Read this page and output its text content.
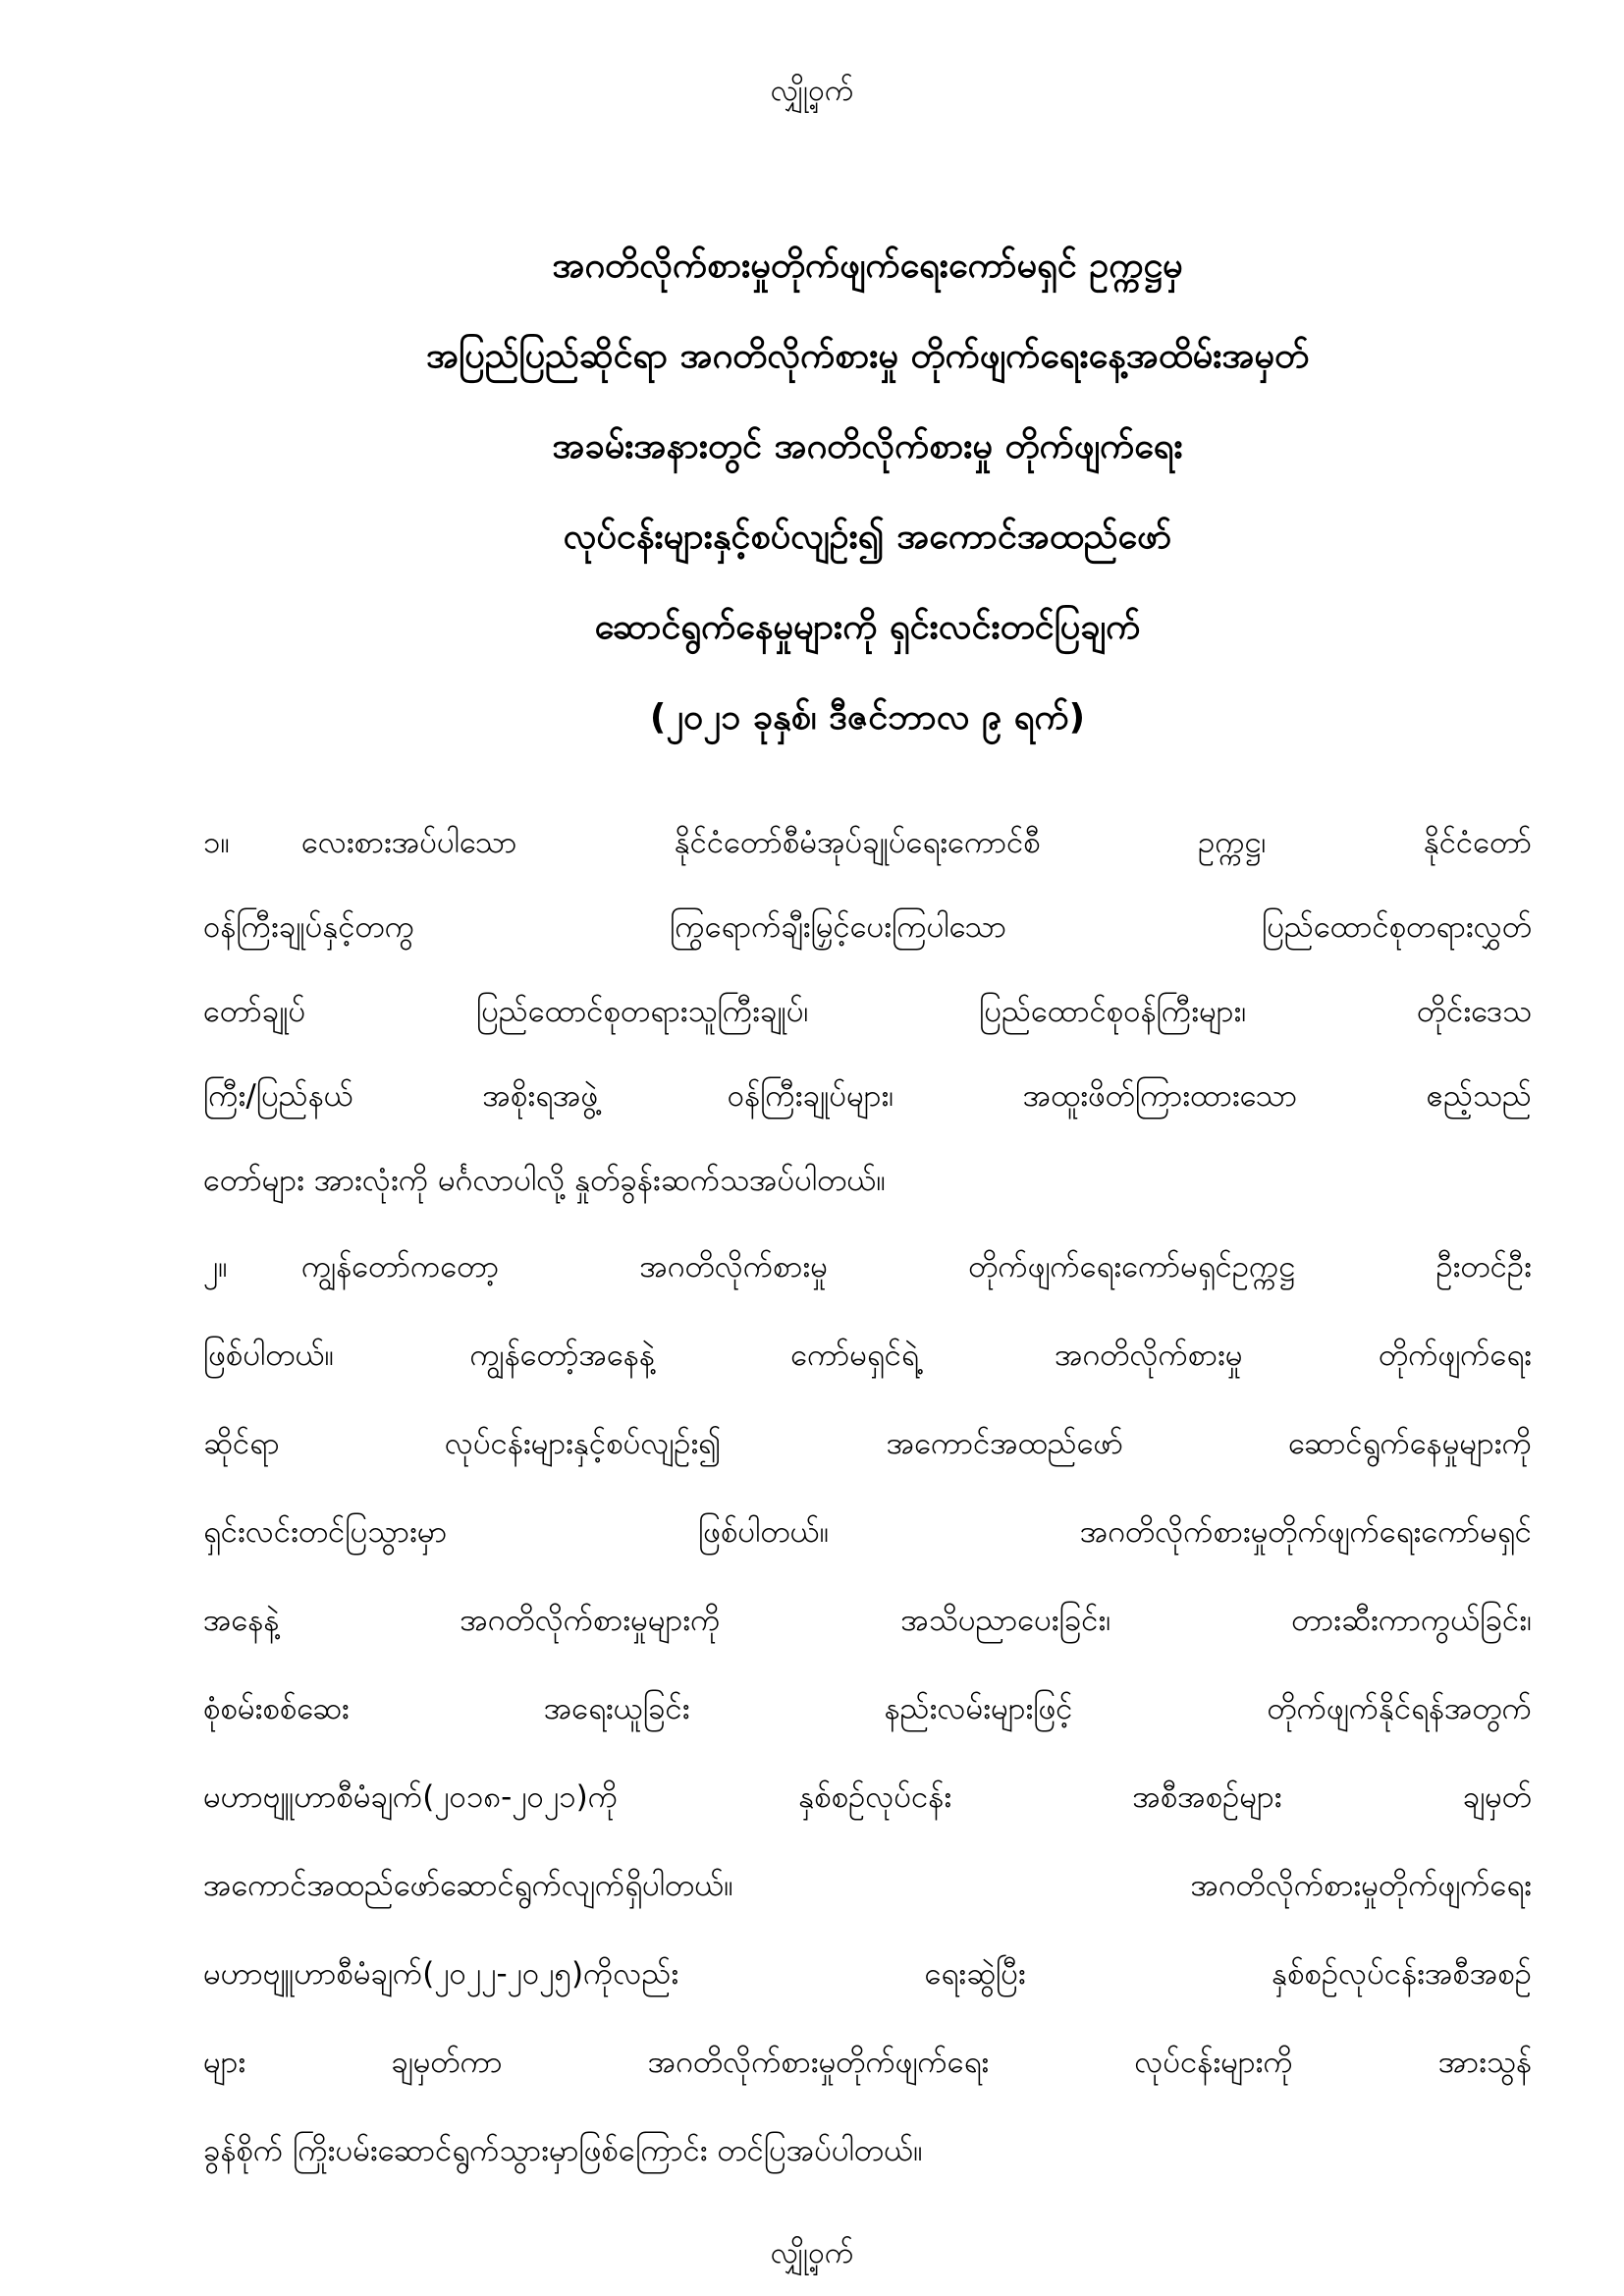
လျှို့ဝှက်
အဂတိလိုက်စားမှုတိုက်ဖျက်ရေးကော်မရှင် ဥက္ကဋ္ဌမှ
အပြည်ပြည်ဆိုင်ရာ အဂတိလိုက်စားမှု တိုက်ဖျက်ရေးနေ့အထိမ်းအမှတ်
အခမ်းအနားတွင် အဂတိလိုက်စားမှု တိုက်ဖျက်ရေး
လုပ်ငန်းများနှင့်စပ်လျဉ်း၍ အကောင်အထည်ဖော်
ဆောင်ရွက်နေမှုများကို ရှင်းလင်းတင်ပြချက်
(၂၀၂၁ ခုနှစ်၊ ဒီဇင်ဘာလ ၉ ရက်)
၁။	လေးစားအပ်ပါသော နိုင်ငံတော်စီမံအုပ်ချုပ်ရေးကောင်စီ ဥက္ကဋ္ဌ၊ နိုင်ငံတော်
ဝန်ကြီးချုပ်နှင့်တကွ ကြွရောက်ချီးမြှင့်ပေးကြပါသော ပြည်ထောင်စုတရားလွှတ်
တော်ချုပ် ပြည်ထောင်စုတရားသူကြီးချုပ်၊ ပြည်ထောင်စုဝန်ကြီးများ၊ တိုင်းဒေသ
ကြီး/ပြည်နယ် အစိုးရအဖွဲ့ ဝန်ကြီးချုပ်များ၊ အထူးဖိတ်ကြားထားသော ဧည့်သည်
တော်များ အားလုံးကို မင်္ဂလာပါလို့ နှုတ်ခွန်းဆက်သအပ်ပါတယ်။
၂။	ကျွန်တော်ကတော့ အဂတိလိုက်စားမှု တိုက်ဖျက်ရေးကော်မရှင်ဥက္ကဋ္ဌ ဦးတင်ဦး
ဖြစ်ပါတယ်။ ကျွန်တော့်အနေနဲ့ ကော်မရှင်ရဲ့ အဂတိလိုက်စားမှု တိုက်ဖျက်ရေး
ဆိုင်ရာ လုပ်ငန်းများနှင့်စပ်လျဉ်း၍ အကောင်အထည်ဖော် ဆောင်ရွက်နေမှုများကို
ရှင်းလင်းတင်ပြသွားမှာ ဖြစ်ပါတယ်။ အဂတိလိုက်စားမှုတိုက်ဖျက်ရေးကော်မရှင်
အနေနဲ့ အဂတိလိုက်စားမှုများကို အသိပညာပေးခြင်း၊ တားဆီးကာကွယ်ခြင်း၊
စုံစမ်းစစ်ဆေး အရေးယူခြင်း နည်းလမ်းများဖြင့် တိုက်ဖျက်နိုင်ရန်အတွက်
မဟာဗျူဟာစီမံချက်(၂၀၁၈-၂၀၂၁)ကို နှစ်စဉ်လုပ်ငန်း အစီအစဉ်များ ချမှတ်
အကောင်အထည်ဖော်ဆောင်ရွက်လျက်ရှိပါတယ်။ အဂတိလိုက်စားမှုတိုက်ဖျက်ရေး
မဟာဗျူဟာစီမံချက်(၂၀၂၂-၂၀၂၅)ကိုလည်း ရေးဆွဲပြီး နှစ်စဉ်လုပ်ငန်းအစီအစဉ်
များ ချမှတ်ကာ အဂတိလိုက်စားမှုတိုက်ဖျက်ရေး လုပ်ငန်းများကို အားသွန်
ခွန်စိုက် ကြိုးပမ်းဆောင်ရွက်သွားမှာဖြစ်ကြောင်း တင်ပြအပ်ပါတယ်။
လျှို့ဝှက်
